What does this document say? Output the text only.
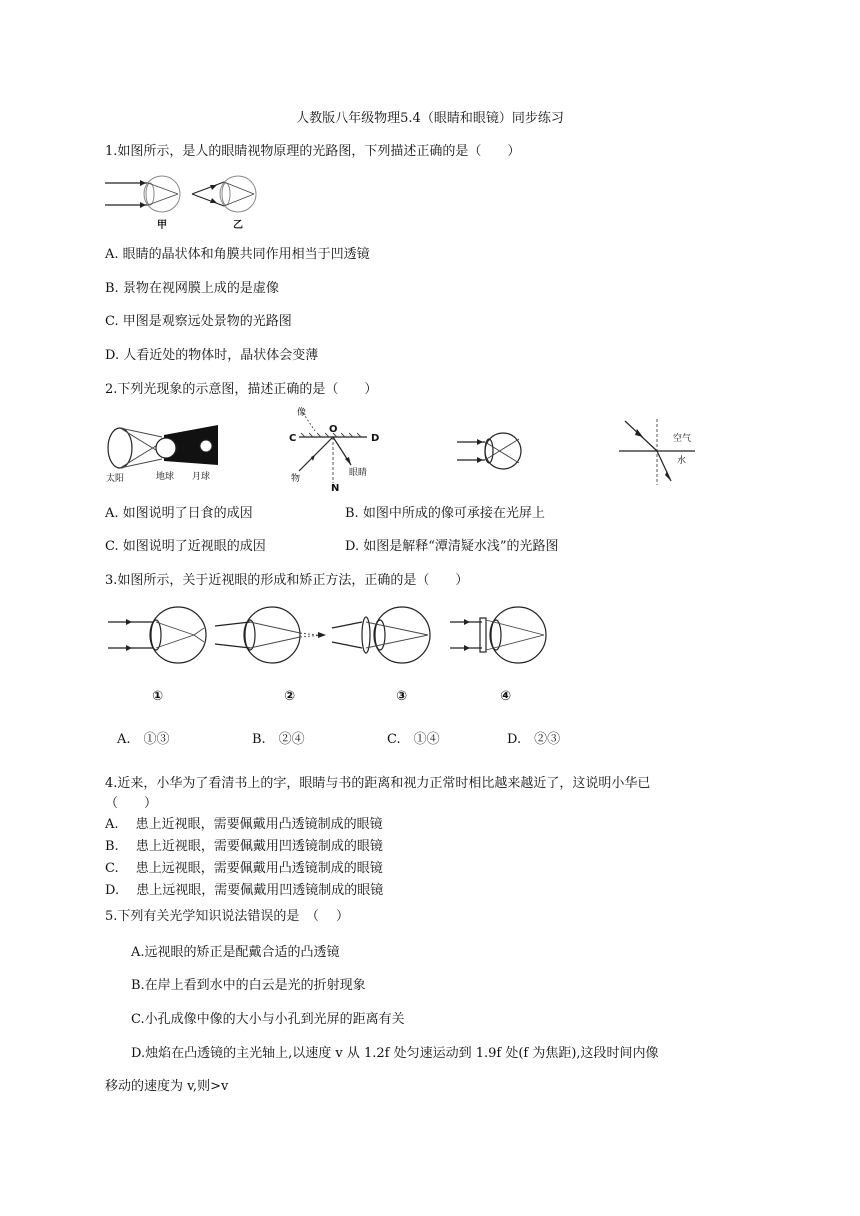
人教版八年级物理5.4（眼睛和眼镜）同步练习
1.如图所示，是人的眼睛视物原理的光路图，下列描述正确的是（　　）
甲	乙
A. 眼睛的晶状体和角膜共同作用相当于凹透镜
B. 景物在视网膜上成的是虚像
C. 甲图是观察远处景物的光路图
D. 人看近处的物体时，晶状体会变薄
2.下列光现象的示意图，描述正确的是（　　）
太阳	地球 月球
像
C
O
D
物
N
眼睛
空气
水
A. 如图说明了日食的成因	B. 如图中所成的像可承接在光屏上
C. 如图说明了近视眼的成因	D. 如图是解释“潭清疑水浅”的光路图
3.如图所示，关于近视眼的形成和矫正方法，正确的是（　　）
①	②	③	④
A.　①③	B.　②④	C.　①④	D.　②③
4.近来，小华为了看清书上的字，眼睛与书的距离和视力正常时相比越来越近了，这说明小华已
（　　）
A.　 患上近视眼，需要佩戴用凸透镜制成的眼镜
B.　 患上近视眼，需要佩戴用凹透镜制成的眼镜
C.　 患上远视眼，需要佩戴用凸透镜制成的眼镜
D.　 患上远视眼，需要佩戴用凹透镜制成的眼镜
5.下列有关光学知识说法错误的是　（　 ）
A.远视眼的矫正是配戴合适的凸透镜
B.在岸上看到水中的白云是光的折射现象
C.小孔成像中像的大小与小孔到光屏的距离有关
D.烛焰在凸透镜的主光轴上,以速度 v 从 1.2f 处匀速运动到 1.9f 处(f 为焦距),这段时间内像
移动的速度为 v,则>v
